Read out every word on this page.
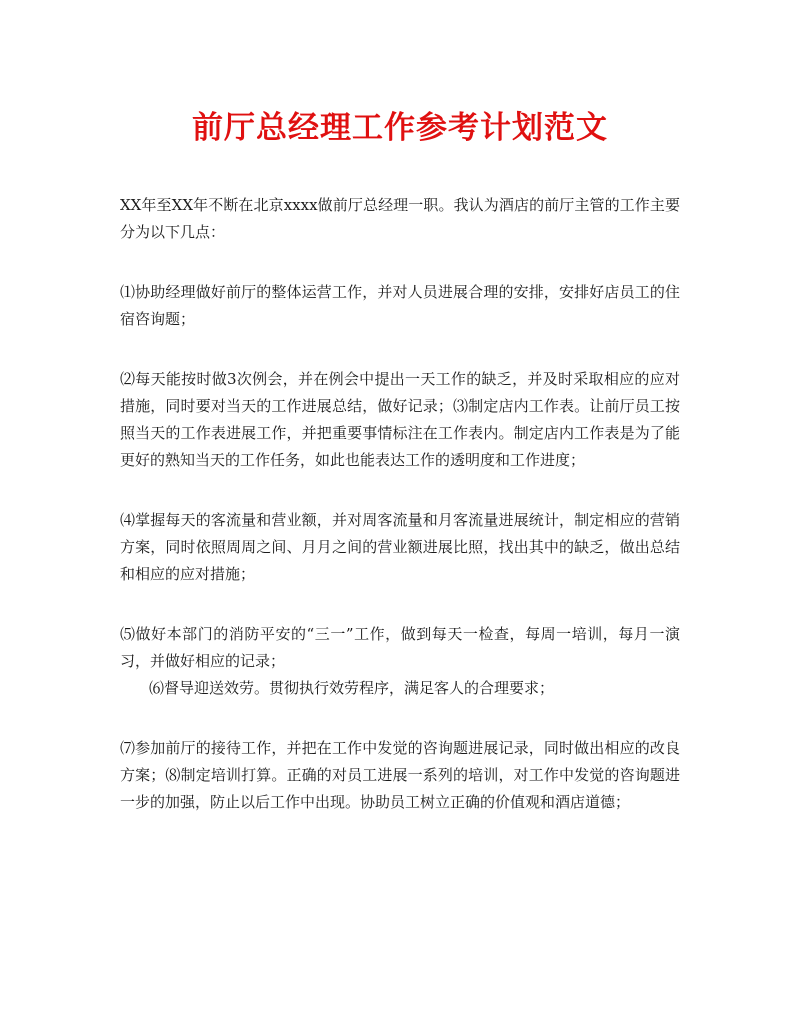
前厅总经理工作参考计划范文

XX年至XX年不断在北京xxxx做前厅总经理一职。我认为酒店的前厅主管的工作主要分为以下几点：

⑴协助经理做好前厅的整体运营工作，并对人员进展合理的安排，安排好店员工的住宿咨询题；

⑵每天能按时做3次例会，并在例会中提出一天工作的缺乏，并及时采取相应的应对措施，同时要对当天的工作进展总结，做好记录；⑶制定店内工作表。让前厅员工按照当天的工作表进展工作，并把重要事情标注在工作表内。制定店内工作表是为了能更好的熟知当天的工作任务，如此也能表达工作的透明度和工作进度；

⑷掌握每天的客流量和营业额，并对周客流量和月客流量进展统计，制定相应的营销方案，同时依照周周之间、月月之间的营业额进展比照，找出其中的缺乏，做出总结和相应的应对措施；

⑸做好本部门的消防平安的“三一”工作，做到每天一检查，每周一培训，每月一演习，并做好相应的记录；

⑹督导迎送效劳。贯彻执行效劳程序，满足客人的合理要求；

⑺参加前厅的接待工作，并把在工作中发觉的咨询题进展记录，同时做出相应的改良方案；⑻制定培训打算。正确的对员工进展一系列的培训，对工作中发觉的咨询题进一步的加强，防止以后工作中出现。协助员工树立正确的价值观和酒店道德；
